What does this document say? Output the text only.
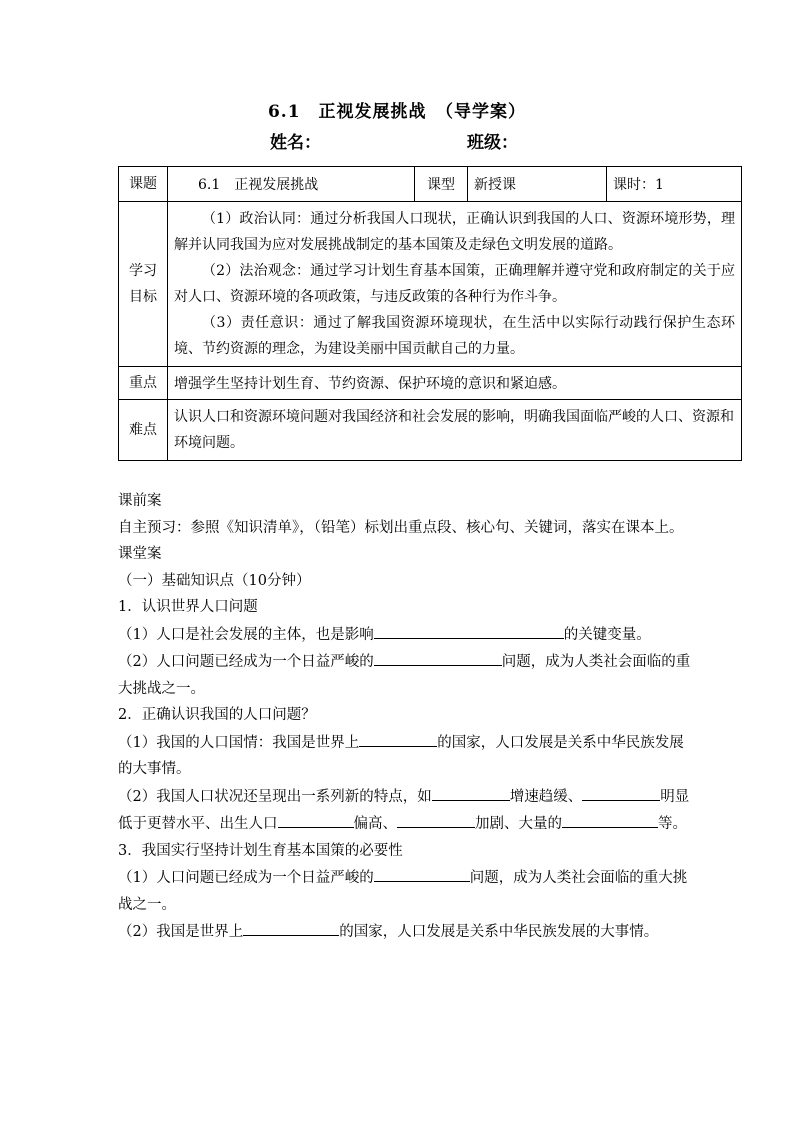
6.1　正视发展挑战　（导学案）
姓名：	班级：
课题	6.1　正视发展挑战	课型	新授课	课时：1
学习目标	（1）政治认同：通过分析我国人口现状，正确认识到我国的人口、资源环境形势，理解并认同我国为应对发展挑战制定的基本国策及走绿色文明发展的道路。

（2）法治观念：通过学习计划生育基本国策，正确理解并遵守党和政府制定的关于应对人口、资源环境的各项政策，与违反政策的各种行为作斗争。

（3）责任意识：通过了解我国资源环境现状，在生活中以实际行动践行保护生态环境、节约资源的理念，为建设美丽中国贡献自己的力量。			

重点	增强学生坚持计划生育、节约资源、保护环境的意识和紧迫感。			
难点	认识人口和资源环境问题对我国经济和社会发展的影响，明确我国面临严峻的人口、资源和环境问题。			

课前案

自主预习：参照《知识清单》，（铅笔）标划出重点段、核心句、关键词，落实在课本上。

课堂案

（一）基础知识点（10分钟）

1．认识世界人口问题

（1）人口是社会发展的主体，也是影响	的关键变量。

（2）人口问题已经成为一个日益严峻的	问题，成为人类社会面临的重大挑战之一。

2．正确认识我国的人口问题？

（1）我国的人口国情：我国是世界上	的国家，人口发展是关系中华民族发展的大事情。

（2）我国人口状况还呈现出一系列新的特点，如	增速趋缓、	明显低于更替水平、出生人口	偏高、	加剧、大量的	等。

3．我国实行坚持计划生育基本国策的必要性

（1）人口问题已经成为一个日益严峻的	问题，成为人类社会面临的重大挑战之一。

（2）我国是世界上	的国家，人口发展是关系中华民族发展的大事情。
